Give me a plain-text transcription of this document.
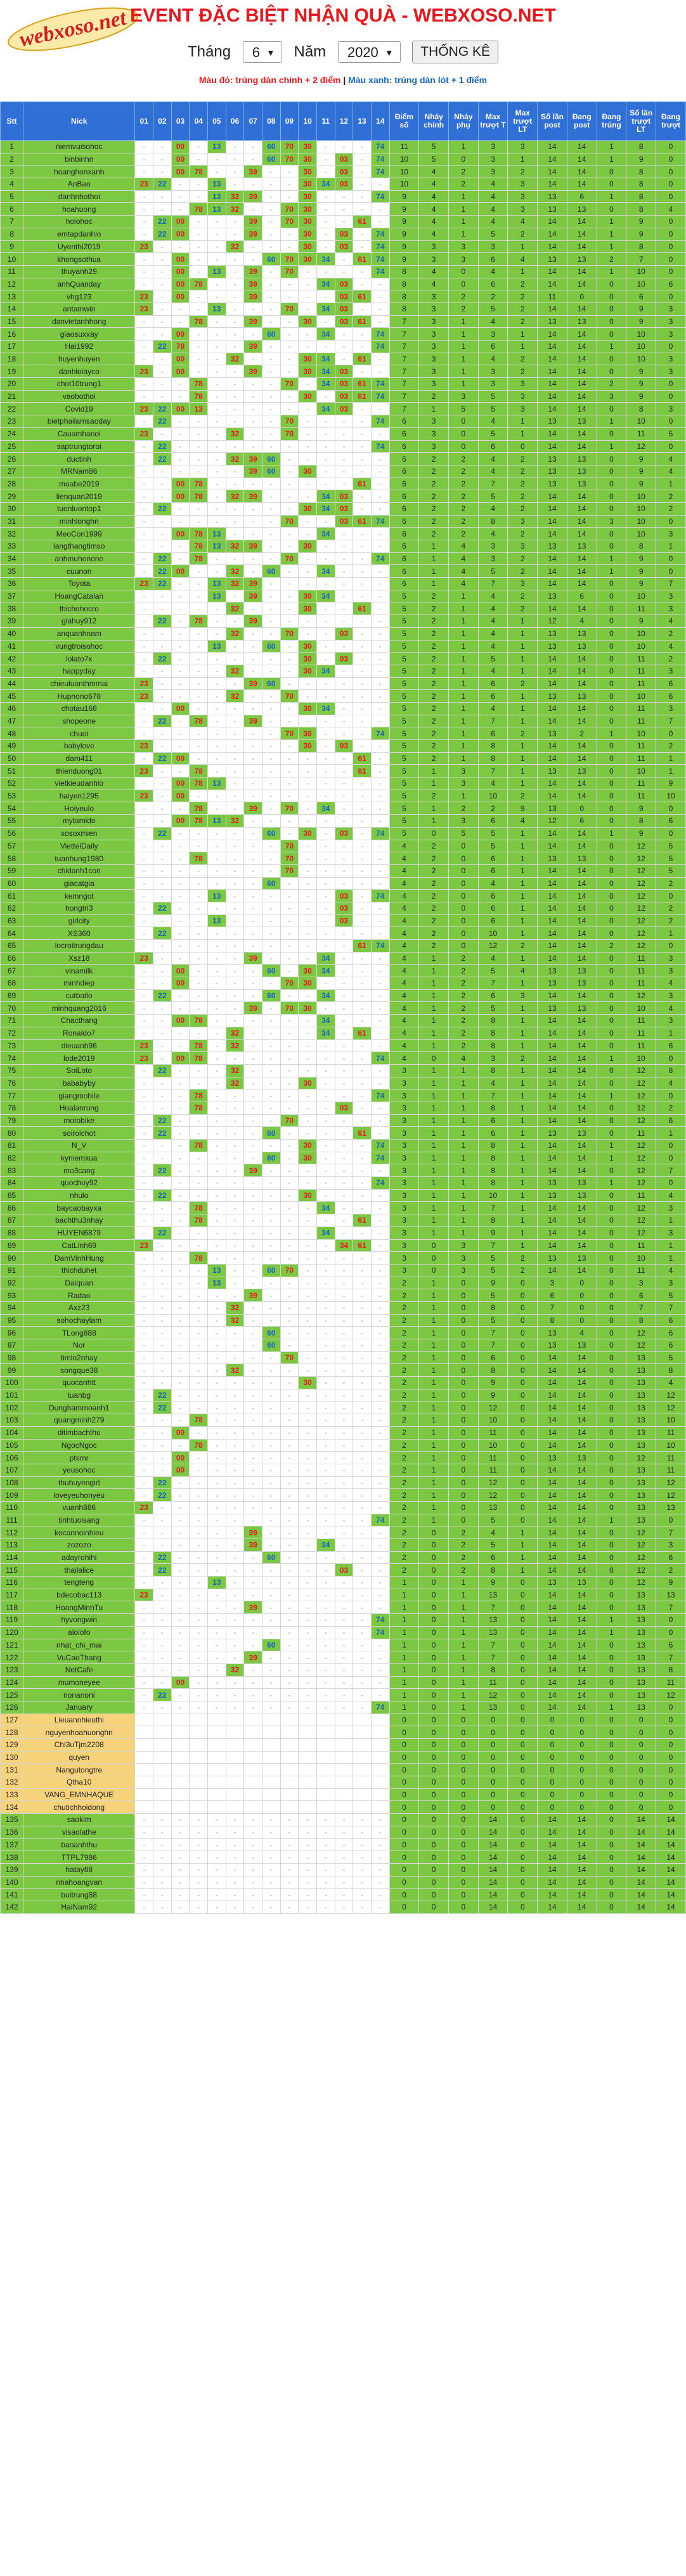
webxoso.net EVENT ĐẶC BIỆT NHẬN QUÀ - WEBXOSO.NET
Tháng 6 ▼ Năm 2020 ▼ THỐNG KÊ
Màu đỏ: trúng dàn chính + 2 điểm | Màu xanh: trúng dàn lót + 1 điểm
Stt	Nick	01	02	03	04	05	06	07	08	09	10	11	12	13	14	Điểm số	Nháy chính	Nháy phụ	Max trượt T	Max trượt LT	Số lần post	Đang post	Đang trúng	Số lần trượt LT	Đang trượt
1	niemvuisohoc	-	-	00	-	13	-	-	60	70	30	-	-	-	74	11	5	1	3	3	14	14	1	8	0
2	binbinhn	-	-	00	-	-	-	-	60	70	30	-	03	-	74	10	5	0	3	1	14	14	1	9	0
3	hoanghonxanh	-	-	00	78	-	-	39	-	-	30	-	03	-	74	10	4	2	3	2	14	14	0	8	0
4	AnBao	23	22	-	-	13	-	-	-	-	30	34	03	-	-	10	4	2	4	3	14	14	0	8	0
5	danhnhothoi	-	-	-	-	13	32	39	-	-	30	-	-	-	74	9	4	1	4	3	13	6	1	8	0
6	hoahuong	-	-	-	78	13	32	-	-	70	30	-	-	-	-	9	4	1	4	3	13	13	0	8	4
7	hoiohoc	-	22	00	-	-	-	39	-	70	30	-	-	61	-	9	4	1	4	4	14	14	1	9	0
8	emtapdanhlo	-	22	00	-	-	-	39	-	-	30	-	03	-	74	9	4	1	5	2	14	14	1	9	0
9	Uyenthi2019	23	-	-	-	-	32	-	-	-	30	-	03	-	74	9	3	3	3	1	14	14	1	8	0
10	khongsothua	-	-	00	-	-	-	-	60	70	30	34	-	61	74	9	3	3	6	4	13	13	2	7	0
11	thuyanh29	-	-	00	-	13	-	39	-	70	-	-	-	-	74	8	4	0	4	1	14	14	1	10	0
12	anhQuanday	-	-	00	78	-	-	39	-	-	-	34	03	-	-	8	4	0	6	2	14	14	0	10	6
13	vhg123	23	-	00	-	-	-	39	-	-	-	-	03	61	-	8	3	2	2	2	11	0	0	6	0
14	antamwin	23	-	-	-	13	-	-	-	70	-	34	03	-	-	8	3	2	5	2	14	14	0	9	3
15	danvietanhhong	-	-	-	78	-	-	39	-	-	30	-	03	61	-	7	3	1	4	2	13	13	0	9	3
16	giaosuxxay	-	-	00	-	-	-	-	60	-	-	34	-	-	74	7	3	1	3	1	14	14	0	10	3
17	Hai1992	-	22	78	-	-	-	39	-	-	-	-	-	-	74	7	3	1	6	1	14	14	1	10	0
18	huyenhuyen	-	-	00	-	-	32	-	-	-	30	34	-	61	-	7	3	1	4	2	14	14	0	10	3
19	danhloiayco	23	-	00	-	-	-	39	-	-	30	34	03	-	-	7	3	1	3	2	14	14	0	9	3
20	chot10trung1	-	-	-	78	-	-	-	-	70	-	34	03	61	74	7	3	1	3	3	14	14	2	9	0
21	vaobothoi	-	-	-	78	-	-	-	-	-	30	-	03	61	74	7	2	3	5	3	14	14	3	9	0
22	Covid19	23	22	00	13	-	-	-	-	-	-	34	03	-	-	7	1	5	5	3	14	14	0	8	3
23	bietphailamsaoday	-	22	-	-	-	-	-	-	70	-	-	-	-	74	6	3	0	4	1	13	13	1	10	0
24	Cauamhanoi	23	-	-	-	-	32	-	-	70	-	-	-	-	-	6	3	0	5	1	14	14	0	11	5
25	saptrungtoroi	-	22	-	-	-	-	-	-	-	-	-	-	-	74	6	3	0	6	0	14	14	1	12	0
26	ductinh	-	22	-	-	-	32	39	60	-	-	-	-	-	-	6	2	2	4	2	13	13	0	9	4
27	MRNam86	-	-	-	-	-	-	39	60	-	30	-	-	-	-	6	2	2	4	2	13	13	0	9	4
28	muabe2019	-	-	00	78	-	-	-	-	-	-	-	-	61	-	6	2	2	7	2	13	13	0	9	1
29	lienquan2019	-	-	00	78	-	32	39	-	-	-	34	03	-	-	6	2	2	5	2	14	14	0	10	2
30	tuonluontop1	-	22	-	-	-	-	-	-	-	30	34	03	-	-	6	2	2	4	2	14	14	0	10	2
31	minhlonghn	-	-	-	-	-	-	-	-	70	-	-	03	61	74	6	2	2	8	3	14	14	3	10	0
32	MeoCon1999	-	-	00	78	13	-	-	-	-	-	34	-	-	-	6	2	2	4	2	14	14	0	10	3
33	langthangtimso	-	-	-	78	13	32	39	-	-	30	-	-	-	-	6	1	4	3	3	13	13	0	8	1
34	anhmuhenone	-	22	-	78	-	-	-	-	70	-	-	-	-	74	6	1	4	3	2	14	14	1	9	0
35	cuunon	-	22	00	-	-	32	-	60	-	-	34	-	-	-	6	1	4	5	2	14	14	1	9	0
36	Toyota	23	22	-	-	13	32	39	-	-	-	-	-	-	-	6	1	4	7	3	14	14	0	9	7
37	HoangCatalan	-	-	-	-	13	-	39	-	-	30	34	-	-	-	5	2	1	4	2	13	6	0	10	3
38	thichohocro	-	-	-	-	-	32	-	-	-	30	-	-	61	-	5	2	1	4	2	14	14	0	11	3
39	giahuy912	-	22	-	78	-	-	39	-	-	-	-	-	-	-	5	2	1	4	1	12	4	0	9	4
40	anquanhnam	-	-	-	-	-	32	-	-	70	-	-	03	-	-	5	2	1	4	1	13	13	0	10	2
41	vungtroisohoc	-	-	-	-	13	-	-	60	-	30	-	-	-	-	5	2	1	4	1	13	13	0	10	4
42	lolato7x	-	22	-	-	-	-	-	-	-	30	-	03	-	-	5	2	1	5	1	14	14	0	11	2
43	happyday	-	-	-	-	-	32	-	-	-	30	34	-	-	-	5	2	1	4	1	14	14	0	11	3
44	chieuluonthmmai	23	-	-	-	-	-	39	60	-	-	-	-	-	-	5	2	1	6	2	14	14	0	11	6
45	Hupnono678	23	-	-	-	-	32	-	-	70	-	-	-	-	-	5	2	1	6	1	13	13	0	10	6
46	chotau168	-	-	00	-	-	-	-	-	-	30	34	-	-	-	5	2	1	4	1	14	14	0	11	3
47	shopeone	-	22	-	78	-	-	39	-	-	-	-	-	-	-	5	2	1	7	1	14	14	0	11	7
48	chuoi	-	-	-	-	-	-	-	-	70	30	-	-	-	74	5	2	1	6	2	13	2	1	10	0
49	babylove	23	-	-	-	-	-	-	-	-	30	-	03	-	-	5	2	1	8	1	14	14	0	11	2
50	dam411	-	22	00	-	-	-	-	-	-	-	-	-	61	-	5	2	1	8	1	14	14	0	11	1
51	thienduong01	23	-	-	78	-	-	-	-	-	-	-	-	61	-	5	1	3	7	1	13	13	0	10	1
52	vietkieudanhlo	-	-	00	78	13	-	-	-	-	-	-	-	-	-	5	1	3	4	1	14	14	0	11	9
53	haiyen1295	23	-	00	-	-	-	-	-	-	-	-	-	-	-	5	2	1	10	2	14	14	0	11	10
54	Hoiyeulo	-	-	-	78	-	-	39	-	70	-	34	-	-	-	5	1	2	2	9	13	0	0	9	0
55	mytamido	-	-	00	78	13	32	-	-	-	-	-	-	-	-	5	1	3	6	4	12	6	0	8	6
56	xosoxmien	-	22	-	-	-	-	-	60	-	30	-	03	-	74	5	0	5	5	1	14	14	1	9	0
57	ViettelDaily	-	-	-	-	-	-	-	-	70	-	-	-	-	-	4	2	0	5	1	14	14	0	12	5
58	tuanhung1980	-	-	-	78	-	-	-	-	70	-	-	-	-	-	4	2	0	6	1	13	13	0	12	5
59	chidanh1con	-	-	-	-	-	-	-	-	70	-	-	-	-	-	4	2	0	6	1	14	14	0	12	5
60	giacatgia	-	-	-	-	-	-	-	60	-	-	-	-	-	-	4	2	0	4	1	14	14	0	12	2
61	kemngot	-	-	-	-	13	-	-	-	-	-	-	03	-	74	4	2	0	6	1	14	14	0	12	0
62	hongtri3	-	22	-	-	-	-	-	-	-	-	-	03	-	-	4	2	0	6	1	14	14	0	12	2
63	girlcity	-	-	-	-	13	-	-	-	-	-	-	03	-	-	4	2	0	6	1	14	14	0	12	2
64	XS360	-	22	-	-	-	-	-	-	-	-	-	-	-	-	4	2	0	10	1	14	14	0	12	1
65	locroitrungdau	-	-	-	-	-	-	-	-	-	-	-	-	61	74	4	2	0	12	2	14	14	2	12	0
66	Xsz18	23	-	-	-	-	-	39	-	-	-	34	-	-	-	4	1	2	4	1	14	14	0	11	3
67	vinamilk	-	-	00	-	-	-	-	60	-	30	34	-	-	-	4	1	2	5	4	13	13	0	11	3
68	minhdiep	-	-	00	-	-	-	-	-	70	30	-	-	-	-	4	1	2	7	1	13	13	0	11	4
69	cutbatlo	-	22	-	-	-	-	-	60	-	-	34	-	-	-	4	1	2	6	3	14	14	0	12	3
70	minhquang2016	-	-	-	-	-	-	39	-	70	30	-	-	-	-	4	1	2	5	1	13	13	0	10	4
71	Chacthang	-	-	00	78	-	-	-	-	-	-	34	-	-	-	4	1	2	8	1	14	14	0	11	3
72	Ronaldo7	-	-	-	-	-	32	-	-	-	-	34	-	61	-	4	1	2	8	1	14	14	0	11	1
73	dieuanh96	23	-	-	78	-	32	-	-	-	-	-	-	-	-	4	1	2	8	1	14	14	0	11	6
74	lode2019	23	-	00	78	-	-	-	-	-	-	-	-	-	74	4	0	4	3	2	14	14	1	10	0
75	SoiLoto	-	22	-	-	-	32	-	-	-	-	-	-	-	-	3	1	1	8	1	14	14	0	12	8
76	bababyby	-	-	-	-	-	32	-	-	-	30	-	-	-	-	3	1	1	4	1	14	14	0	12	4
77	giangmobile	-	-	-	78	-	-	-	-	-	-	-	-	-	74	3	1	1	7	1	14	14	1	12	0
78	Hoalanrung	-	-	-	78	-	-	-	-	-	-	-	03	-	-	3	1	1	8	1	14	14	0	12	2
79	motobike	-	22	-	-	-	-	-	-	70	-	-	-	-	-	3	1	1	6	1	14	14	0	12	6
80	soiroichot	-	22	-	-	-	-	-	60	-	-	-	-	61	-	3	1	1	6	1	13	13	0	11	1
81	N_V	-	-	-	78	-	-	-	-	-	30	-	-	-	74	3	1	1	8	1	14	14	1	12	0
82	kyniemxua	-	-	-	-	-	-	-	60	-	30	-	-	-	74	3	1	1	8	1	14	14	1	12	0
83	mo3cang	-	22	-	-	-	-	39	-	-	-	-	-	-	-	3	1	1	8	1	14	14	0	12	7
84	quochuy92	-	-	-	-	-	-	-	-	-	-	-	-	-	74	3	1	1	8	1	13	13	1	12	0
85	nhulo	-	22	-	-	-	-	-	-	-	30	-	-	-	-	3	1	1	10	1	13	13	0	11	4
86	baycaobayxa	-	-	-	78	-	-	-	-	-	-	34	-	-	-	3	1	1	7	1	14	14	0	12	3
87	bachthu3nhay	-	-	-	78	-	-	-	-	-	-	-	-	61	-	3	1	1	8	1	14	14	0	12	1
88	HUYEN6879	-	22	-	-	-	-	-	-	-	-	34	-	-	-	3	1	1	9	1	14	14	0	12	3
89	CatLinh69	23	-	-	-	-	-	-	-	-	-	-	34	61	-	3	0	3	7	1	14	14	0	11	1
90	DamVinhHung	-	-	-	78	-	-	-	-	-	-	-	-	-	-	3	0	3	5	2	13	13	0	10	1
91	thichduhet	-	-	-	-	13	-	-	60	70	-	-	-	-	-	3	0	3	5	2	14	14	0	11	4
92	Daiquan	-	-	-	-	13	-	-	-	-	-	-	-	-	-	2	1	0	9	0	3	0	0	3	3
93	Radao	-	-	-	-	-	-	39	-	-	-	-	-	-	-	2	1	0	5	0	6	0	0	6	5
94	Axz23	-	-	-	-	-	32	-	-	-	-	-	-	-	-	2	1	0	8	0	7	0	0	7	7
95	sohochaylam	-	-	-	-	-	32	-	-	-	-	-	-	-	-	2	1	0	5	0	8	0	0	8	6
96	TLong888	-	-	-	-	-	-	-	60	-	-	-	-	-	-	2	1	0	7	0	13	4	0	12	6
97	Nor	-	-	-	-	-	-	-	60	-	-	-	-	-	-	2	1	0	7	0	13	13	0	12	6
98	timlo2nhay	-	-	-	-	-	-	-	-	70	-	-	-	-	-	2	1	0	6	0	14	14	0	13	5
99	songque38	-	-	-	-	-	32	-	-	-	-	-	-	-	-	2	1	0	8	0	14	14	0	13	8
100	quocanhtt	-	-	-	-	-	-	-	-	-	30	-	-	-	-	2	1	0	9	0	14	14	0	13	4
101	tuanbg	-	22	-	-	-	-	-	-	-	-	-	-	-	-	2	1	0	9	0	14	14	0	13	12
102	Dunghammoanh1	-	22	-	-	-	-	-	-	-	-	-	-	-	-	2	1	0	12	0	14	14	0	13	12
103	quangminh279	-	-	-	78	-	-	-	-	-	-	-	-	-	-	2	1	0	10	0	14	14	0	13	10
104	ditimbachthu	-	-	00	-	-	-	-	-	-	-	-	-	-	-	2	1	0	11	0	14	14	0	13	11
105	NgocNgoc	-	-	-	78	-	-	-	-	-	-	-	-	-	-	2	1	0	10	0	14	14	0	13	10
106	ptsmr	-	-	00	-	-	-	-	-	-	-	-	-	-	-	2	1	0	11	0	13	13	0	12	11
107	yeusohoc	-	-	00	-	-	-	-	-	-	-	-	-	-	-	2	1	0	11	0	14	14	0	13	11
108	thuhuyengirl	-	22	-	-	-	-	-	-	-	-	-	-	-	-	2	1	0	12	0	14	14	0	13	12
109	loveyeuhonyeu	-	22	-	-	-	-	-	-	-	-	-	-	-	-	2	1	0	12	0	14	14	0	13	12
110	vuanh886	23	-	-	-	-	-	-	-	-	-	-	-	-	-	2	1	0	13	0	14	14	0	13	13
111	tinhtuoisang	-	-	-	-	-	-	-	-	-	-	-	-	-	74	2	1	0	5	0	14	14	1	13	0
112	kocannoinhieu	-	-	-	-	-	-	39	-	-	-	-	-	-	-	2	0	2	4	1	14	14	0	12	7
113	zozozo	-	-	-	-	-	-	39	-	-	-	34	-	-	-	2	0	2	5	1	14	14	0	12	3
114	adayrohihi	-	22	-	-	-	-	-	60	-	-	-	-	-	-	2	0	2	6	1	14	14	0	12	6
115	thailalice	-	22	-	-	-	-	-	-	-	-	-	03	-	-	2	0	2	8	1	14	14	0	12	2
116	tengteng	-	-	-	-	13	-	-	-	-	-	-	-	-	-	1	0	1	9	0	13	13	0	12	9
117	bdecobac113	23	-	-	-	-	-	-	-	-	-	-	-	-	-	1	0	1	13	0	14	14	0	13	13
118	HoangMinhTu	-	-	-	-	-	-	39	-	-	-	-	-	-	-	1	0	1	7	0	14	14	0	13	7
119	hyvongwin	-	-	-	-	-	-	-	-	-	-	-	-	-	74	1	0	1	13	0	14	14	1	13	0
120	alolofo	-	-	-	-	-	-	-	-	-	-	-	-	-	74	1	0	1	13	0	14	14	1	13	0
121	nhat_chi_mai	-	-	-	-	-	-	-	60	-	-	-	-	-	-	1	0	1	7	0	14	14	0	13	6
122	VuCaoThang	-	-	-	-	-	-	39	-	-	-	-	-	-	-	1	0	1	7	0	14	14	0	13	7
123	NetCafe	-	-	-	-	-	32	-	-	-	-	-	-	-	-	1	0	1	8	0	14	14	0	13	8
124	mumoneyee	-	-	00	-	-	-	-	-	-	-	-	-	-	-	1	0	1	11	0	14	14	0	13	11
125	nonanoni	-	22	-	-	-	-	-	-	-	-	-	-	-	-	1	0	1	12	0	14	14	0	13	12
126	January	-	-	-	-	-	-	-	-	-	-	-	-	-	74	1	0	1	13	0	14	14	1	13	0
127	Lieuannhieuthi															0	0	0	0	0	0	0	0	0	0
128	nguyenhoahuonghn															0	0	0	0	0	0	0	0	0	0
129	Chi3uTjm2208															0	0	0	0	0	0	0	0	0	0
130	quyen															0	0	0	0	0	0	0	0	0	0
131	Nangutongtre															0	0	0	0	0	0	0	0	0	0
132	Qtha10															0	0	0	0	0	0	0	0	0	0
133	VANG_EMNHAQUE															0	0	0	0	0	0	0	0	0	0
134	chutichhoidong															0	0	0	0	0	0	0	0	0	0
135	saokim	-	-	-	-	-	-	-	-	-	-	-	-	-	-	0	0	0	14	0	14	14	0	14	14
136	visaolathe	-	-	-	-	-	-	-	-	-	-	-	-	-	-	0	0	0	14	0	14	14	0	14	14
137	baoanhthu	-	-	-	-	-	-	-	-	-	-	-	-	-	-	0	0	0	14	0	14	14	0	14	14
138	TTPL7986	-	-	-	-	-	-	-	-	-	-	-	-	-	-	0	0	0	14	0	14	14	0	14	14
139	hatay88	-	-	-	-	-	-	-	-	-	-	-	-	-	-	0	0	0	14	0	14	14	0	14	14
140	nhahoangvan	-	-	-	-	-	-	-	-	-	-	-	-	-	-	0	0	0	14	0	14	14	0	14	14
141	buitrung88	-	-	-	-	-	-	-	-	-	-	-	-	-	-	0	0	0	14	0	14	14	0	14	14
142	HaiNam92	-	-	-	-	-	-	-	-	-	-	-	-	-	-	0	0	0	14	0	14	14	0	14	14
